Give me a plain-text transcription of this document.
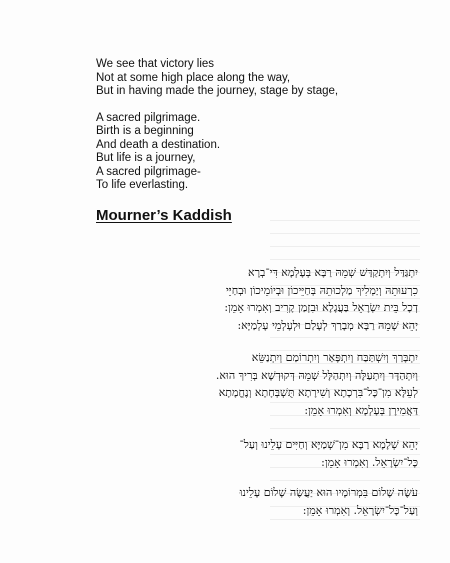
We see that victory lies
Not at some high place along the way,
But in having made the journey, stage by stage,
A sacred pilgrimage.
Birth is a beginning
And death a destination.
But life is a journey,
A sacred pilgrimage-
To life everlasting.
Mourner’s Kaddish
יִתְגַּדַּל וְיִתְקַדַּשׁ שְׁמֵהּ רַבָּא בְּעָלְמָא דִּי־בְרָא
כִרְעוּתֵהּ וְיַמְלִיךְ מַלְכוּתֵהּ בְּחַיֵּיכוֹן וּבְיוֹמֵיכוֹן וּבְחַיֵּי
דְכָל בֵּית יִשְׂרָאֵל בַּעֲגָלָא וּבִזְמַן קָרִיב וְאִמְרוּ אָמֵן:
יְהֵא שְׁמֵהּ רַבָּא מְבָרַךְ לְעָלַם וּלְעָלְמֵי עָלְמַיָּא:
יִתְבָּרַךְ וְיִשְׁתַּבַּח וְיִתְפָּאַר וְיִתְרוֹמַם וְיִתְנַשֵּׂא
וְיִתְהַדָּר וְיִתְעַלֶּה וְיִתְהַלָּל שְׁמֵהּ דְּקוּדְשָׁא בְּרִיךְ הוּא.
לְעֵלָּא מִן־כָּל־בִּרְכָתָא וְשִׁירָתָא תֻּשְׁבְּחָתָא וְנֶחֱמָתָא
דַּאֲמִירָן בְּעָלְמָא וְאִמְרוּ אָמֵן:
יְהֵא שְׁלָמָא רַבָּא מִן־שְׁמַיָּא וְחַיִּים עָלֵינוּ וְעַל־
כָּל־יִשְׂרָאֵל. וְאִמְרוּ אָמֵן:
עֹשֶׂה שָׁלוֹם בִּמְרוֹמָיו הוּא יַעֲשֶׂה שָׁלוֹם עָלֵינוּ
וְעַל־כָּל־יִשְׂרָאֵל. וְאִמְרוּ אָמֵן:
